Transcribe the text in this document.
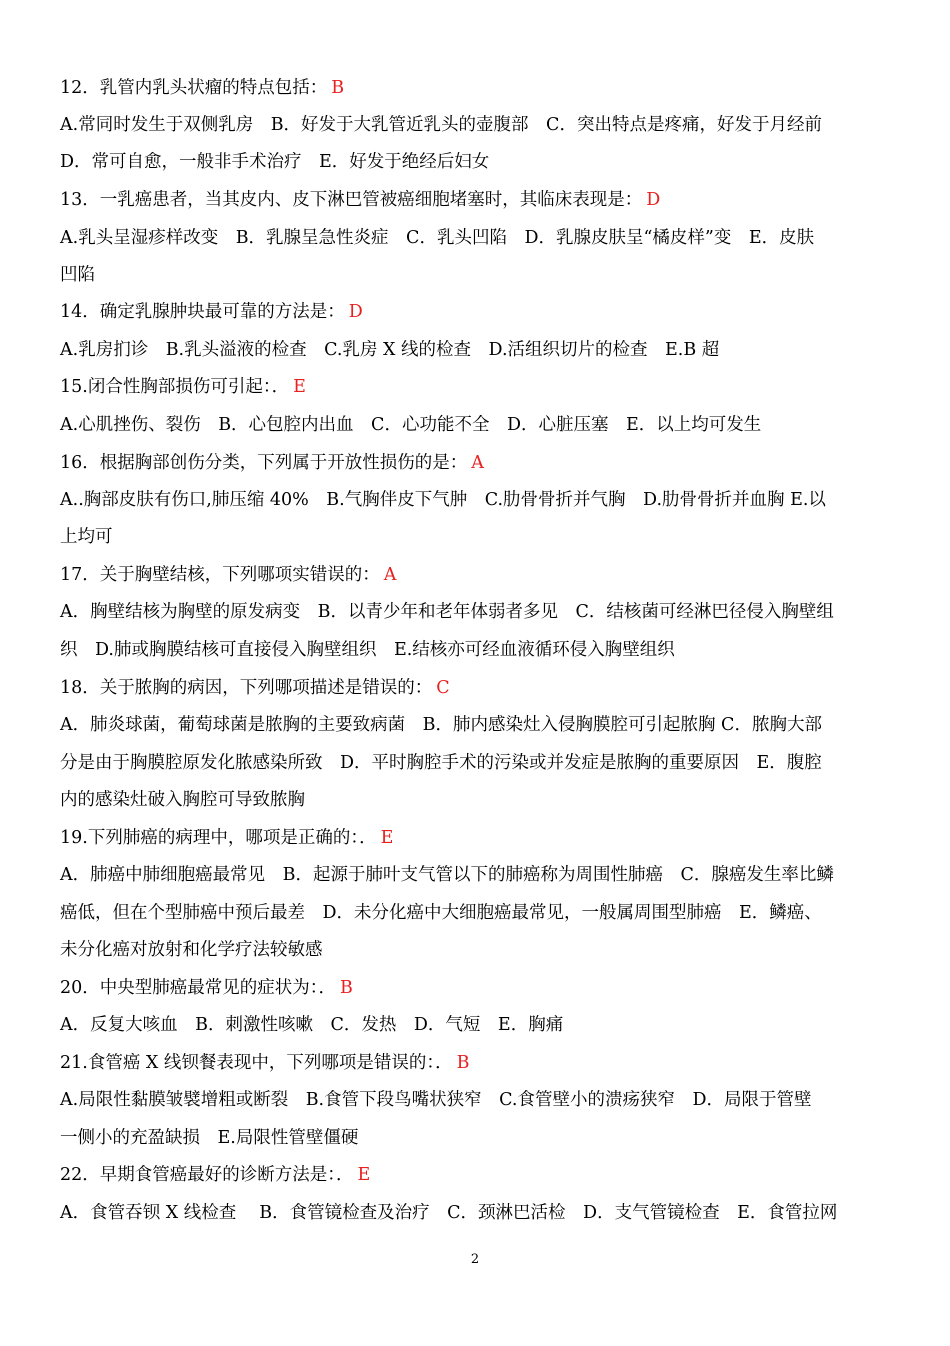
12．乳管内乳头状瘤的特点包括： B
A.常同时发生于双侧乳房　B．好发于大乳管近乳头的壶腹部　C．突出特点是疼痛，好发于月经前
D．常可自愈，一般非手术治疗　E．好发于绝经后妇女
13．一乳癌患者，当其皮内、皮下淋巴管被癌细胞堵塞时，其临床表现是： D
A.乳头呈湿疹样改变　B．乳腺呈急性炎症　C．乳头凹陷　D．乳腺皮肤呈“橘皮样”变　E．皮肤
凹陷
14．确定乳腺肿块最可靠的方法是： D
A.乳房扪诊　B.乳头溢液的检查　C.乳房 X 线的检查　D.活组织切片的检查　E.B 超
15.闭合性胸部损伤可引起：． E
A.心肌挫伤、裂伤　B．心包腔内出血　C．心功能不全　D．心脏压塞　E．以上均可发生
16．根据胸部创伤分类，下列属于开放性损伤的是： A
A..胸部皮肤有伤口,肺压缩 40%　B.气胸伴皮下气肿　C.肋骨骨折并气胸　D.肋骨骨折并血胸 E.以
上均可
17．关于胸壁结核，下列哪项实错误的： A
A．胸壁结核为胸壁的原发病变　B．以青少年和老年体弱者多见　C．结核菌可经淋巴径侵入胸壁组
织　D.肺或胸膜结核可直接侵入胸壁组织　E.结核亦可经血液循环侵入胸壁组织
18．关于脓胸的病因，下列哪项描述是错误的： C
A．肺炎球菌，葡萄球菌是脓胸的主要致病菌　B．肺内感染灶入侵胸膜腔可引起脓胸 C．脓胸大部
分是由于胸膜腔原发化脓感染所致　D．平时胸腔手术的污染或并发症是脓胸的重要原因　E．腹腔
内的感染灶破入胸腔可导致脓胸
19.下列肺癌的病理中，哪项是正确的：． E
A．肺癌中肺细胞癌最常见　B．起源于肺叶支气管以下的肺癌称为周围性肺癌　C．腺癌发生率比鳞
癌低，但在个型肺癌中预后最差　D．未分化癌中大细胞癌最常见，一般属周围型肺癌　E．鳞癌、
未分化癌对放射和化学疗法较敏感
20．中央型肺癌最常见的症状为：． B
A．反复大咳血　B．刺激性咳嗽　C．发热　D．气短　E．胸痛
21.食管癌 X 线钡餐表现中，下列哪项是错误的：． B
A.局限性黏膜皱襞增粗或断裂　B.食管下段鸟嘴状狭窄　C.食管壁小的溃疡狭窄　D．局限于管壁
一侧小的充盈缺损　E.局限性管壁僵硬
22．早期食管癌最好的诊断方法是：． E
A．食管吞钡 X 线检查　 B．食管镜检查及治疗　C．颈淋巴活检　D．支气管镜检查　E．食管拉网
2
